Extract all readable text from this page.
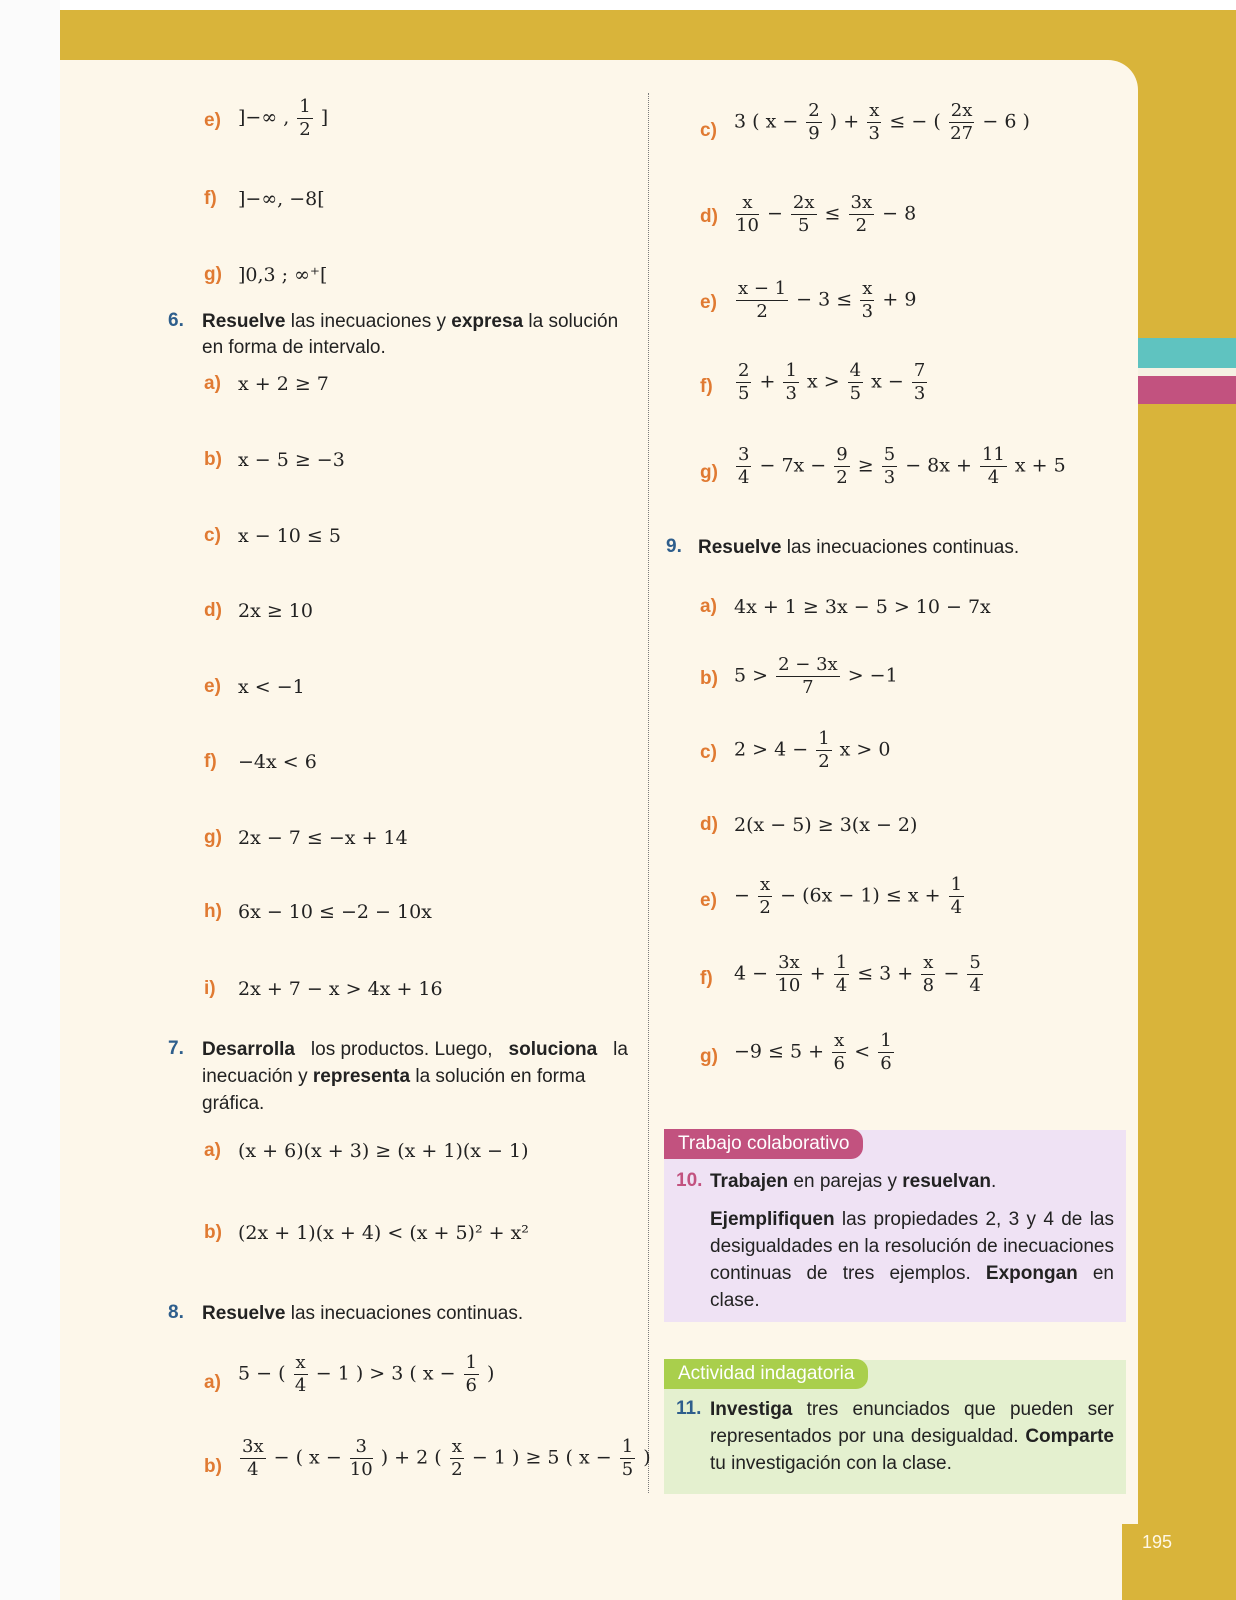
195
e) ]−∞ , $\frac{1}{2}$ ]
f) ]−∞, −8[
g) ]0,3 ; ∞⁺[
6. Resuelve las inecuaciones y expresa la solución
en forma de intervalo.
a) x + 2 ≥ 7
b) x − 5 ≥ −3
c) x − 10 ≤ 5
d) 2x ≥ 10
e) x < −1
f) −4x < 6
g) 2x − 7 ≤ −x + 14
h) 6x − 10 ≤ −2 − 10x
i) 2x + 7 − x > 4x + 16
7. Desarrolla los productos. Luego, soluciona la
inecuación y representa la solución en forma
gráfica.
a) (x + 6)(x + 3) ≥ (x + 1)(x − 1)
b) (2x + 1)(x + 4) < (x + 5)² + x²
8. Resuelve las inecuaciones continuas.
a) 5 − ( $\frac{x}{4} - 1$ ) > 3 ( $x - \frac{1}{6}$ )
$b) \frac{3x}{4}$ − ( $x - \frac{3}{10}$ ) + 2 ( $\frac{x}{2} - 1$ ) ≥ 5 ( $x - \frac{1}{5}$ )
c) 3 ( $x - \frac{2}{9}$ ) + $\frac{x}{3}$ ≤ − ( $\frac{2x}{27} - 6$ )
$d) \frac{x}{10} - \frac{2x}{5} \le \frac{3x}{2} - 8$
$e) \frac{x - 1}{2} - 3 \le \frac{x}{3} + 9$
$f) \frac{2}{5} + \frac{1}{3}$ $x > \frac{4}{5}$ $x - \frac{7}{3}$
$g) \frac{3}{4} - 7x - \frac{9}{2} \ge \frac{5}{3} - 8x + \frac{11}{4}$ x + 5
9. Resuelve las inecuaciones continuas.
a) 4x + 1 ≥ 3x − 5 > 10 − 7x
b) $5 > \frac{2 - 3x}{7} > -1$
c) $2 > 4 - \frac{1}{2}$ x > 0
d) 2(x − 5) ≥ 3(x − 2)
$e) - \frac{x}{2} - (6x - 1) \le x + \frac{1}{4}$
f) $4 - \frac{3x}{10} + \frac{1}{4} \le 3 + \frac{x}{8} - \frac{5}{4}$
$g) -9 \le 5 + \frac{x}{6} < \frac{1}{6}$
Trabajo colaborativo
10. Trabajen en parejas y resuelvan.
Ejemplifiquen las propiedades 2, 3 y 4 de las desigualdades en la resolución de inecuaciones continuas de tres ejemplos. Expongan en clase.
Actividad indagatoria
11. Investiga tres enunciados que pueden ser representados por una desigualdad. Comparte tu investigación con la clase.
